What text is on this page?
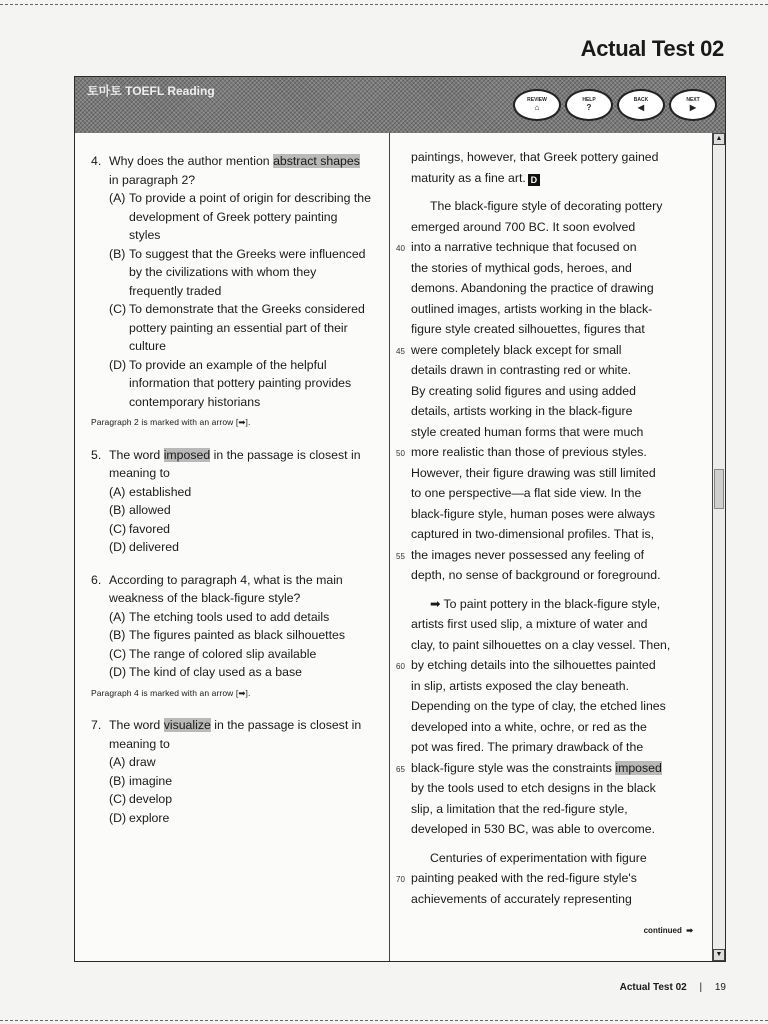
Actual Test 02
토마토 TOEFL Reading
REVIEW
⌂
HELP
?
BACK
◀
NEXT
▶
▲
▼
4. Why does the author mention abstract shapes in paragraph 2?
(A) To provide a point of origin for describing the development of Greek pottery painting styles
(B) To suggest that the Greeks were influenced by the civilizations with whom they frequently traded
(C) To demonstrate that the Greeks considered pottery painting an essential part of their culture
(D) To provide an example of the helpful information that pottery painting provides contemporary historians
Paragraph 2 is marked with an arrow [➡].
5. The word imposed in the passage is closest in meaning to
(A) established
(B) allowed
(C) favored
(D) delivered
6. According to paragraph 4, what is the main weakness of the black-figure style?
(A) The etching tools used to add details
(B) The figures painted as black silhouettes
(C) The range of colored slip available
(D) The kind of clay used as a base
Paragraph 4 is marked with an arrow [➡].
7. The word visualize in the passage is closest in meaning to
(A) draw
(B) imagine
(C) develop
(D) explore
paintings, however, that Greek pottery gained
maturity as a fine art. D
The black-figure style of decorating pottery
emerged around 700 BC. It soon evolved
40 into a narrative technique that focused on
the stories of mythical gods, heroes, and
demons. Abandoning the practice of drawing
outlined images, artists working in the black-
figure style created silhouettes, figures that
45 were completely black except for small
details drawn in contrasting red or white.
By creating solid figures and using added
details, artists working in the black-figure
style created human forms that were much
50 more realistic than those of previous styles.
However, their figure drawing was still limited
to one perspective—a flat side view. In the
black-figure style, human poses were always
captured in two-dimensional profiles. That is,
55 the images never possessed any feeling of
depth, no sense of background or foreground.
➡ To paint pottery in the black-figure style,
artists first used slip, a mixture of water and
clay, to paint silhouettes on a clay vessel. Then,
60 by etching details into the silhouettes painted
in slip, artists exposed the clay beneath.
Depending on the type of clay, the etched lines
developed into a white, ochre, or red as the
pot was fired. The primary drawback of the
65 black-figure style was the constraints imposed
by the tools used to etch designs in the black
slip, a limitation that the red-figure style,
developed in 530 BC, was able to overcome.
Centuries of experimentation with figure
70 painting peaked with the red-figure style's
achievements of accurately representing
continued  ➡
Actual Test 02 | 19
